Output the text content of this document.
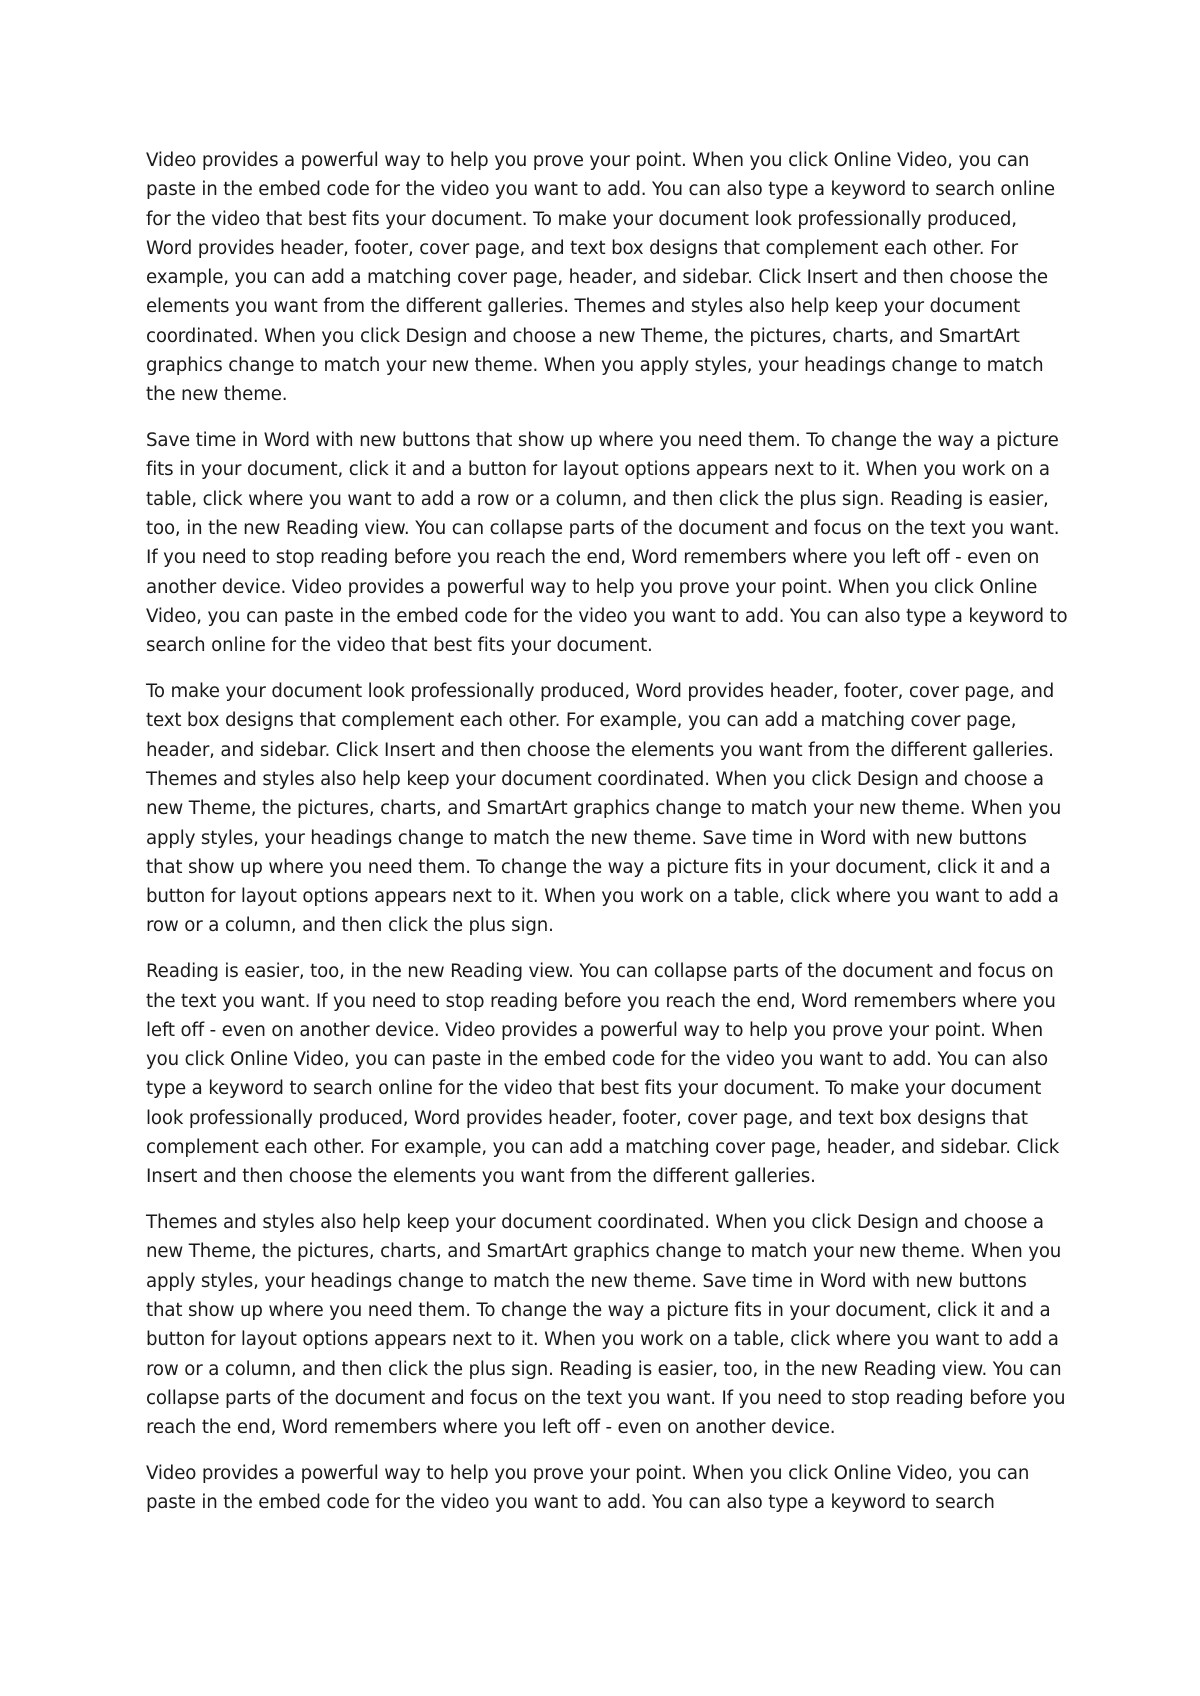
Video provides a powerful way to help you prove your point. When you click Online Video, you can paste in the embed code for the video you want to add. You can also type a keyword to search online for the video that best fits your document. To make your document look professionally produced, Word provides header, footer, cover page, and text box designs that complement each other. For example, you can add a matching cover page, header, and sidebar. Click Insert and then choose the elements you want from the different galleries. Themes and styles also help keep your document coordinated. When you click Design and choose a new Theme, the pictures, charts, and SmartArt graphics change to match your new theme. When you apply styles, your headings change to match the new theme.

Save time in Word with new buttons that show up where you need them. To change the way a picture fits in your document, click it and a button for layout options appears next to it. When you work on a table, click where you want to add a row or a column, and then click the plus sign. Reading is easier, too, in the new Reading view. You can collapse parts of the document and focus on the text you want. If you need to stop reading before you reach the end, Word remembers where you left off - even on another device. Video provides a powerful way to help you prove your point. When you click Online Video, you can paste in the embed code for the video you want to add. You can also type a keyword to search online for the video that best fits your document.

To make your document look professionally produced, Word provides header, footer, cover page, and text box designs that complement each other. For example, you can add a matching cover page, header, and sidebar. Click Insert and then choose the elements you want from the different galleries. Themes and styles also help keep your document coordinated. When you click Design and choose a new Theme, the pictures, charts, and SmartArt graphics change to match your new theme. When you apply styles, your headings change to match the new theme. Save time in Word with new buttons that show up where you need them. To change the way a picture fits in your document, click it and a button for layout options appears next to it. When you work on a table, click where you want to add a row or a column, and then click the plus sign.

Reading is easier, too, in the new Reading view. You can collapse parts of the document and focus on the text you want. If you need to stop reading before you reach the end, Word remembers where you left off - even on another device. Video provides a powerful way to help you prove your point. When you click Online Video, you can paste in the embed code for the video you want to add. You can also type a keyword to search online for the video that best fits your document. To make your document look professionally produced, Word provides header, footer, cover page, and text box designs that complement each other. For example, you can add a matching cover page, header, and sidebar. Click Insert and then choose the elements you want from the different galleries.

Themes and styles also help keep your document coordinated. When you click Design and choose a new Theme, the pictures, charts, and SmartArt graphics change to match your new theme. When you apply styles, your headings change to match the new theme. Save time in Word with new buttons that show up where you need them. To change the way a picture fits in your document, click it and a button for layout options appears next to it. When you work on a table, click where you want to add a row or a column, and then click the plus sign. Reading is easier, too, in the new Reading view. You can collapse parts of the document and focus on the text you want. If you need to stop reading before you reach the end, Word remembers where you left off - even on another device.

Video provides a powerful way to help you prove your point. When you click Online Video, you can paste in the embed code for the video you want to add. You can also type a keyword to search
